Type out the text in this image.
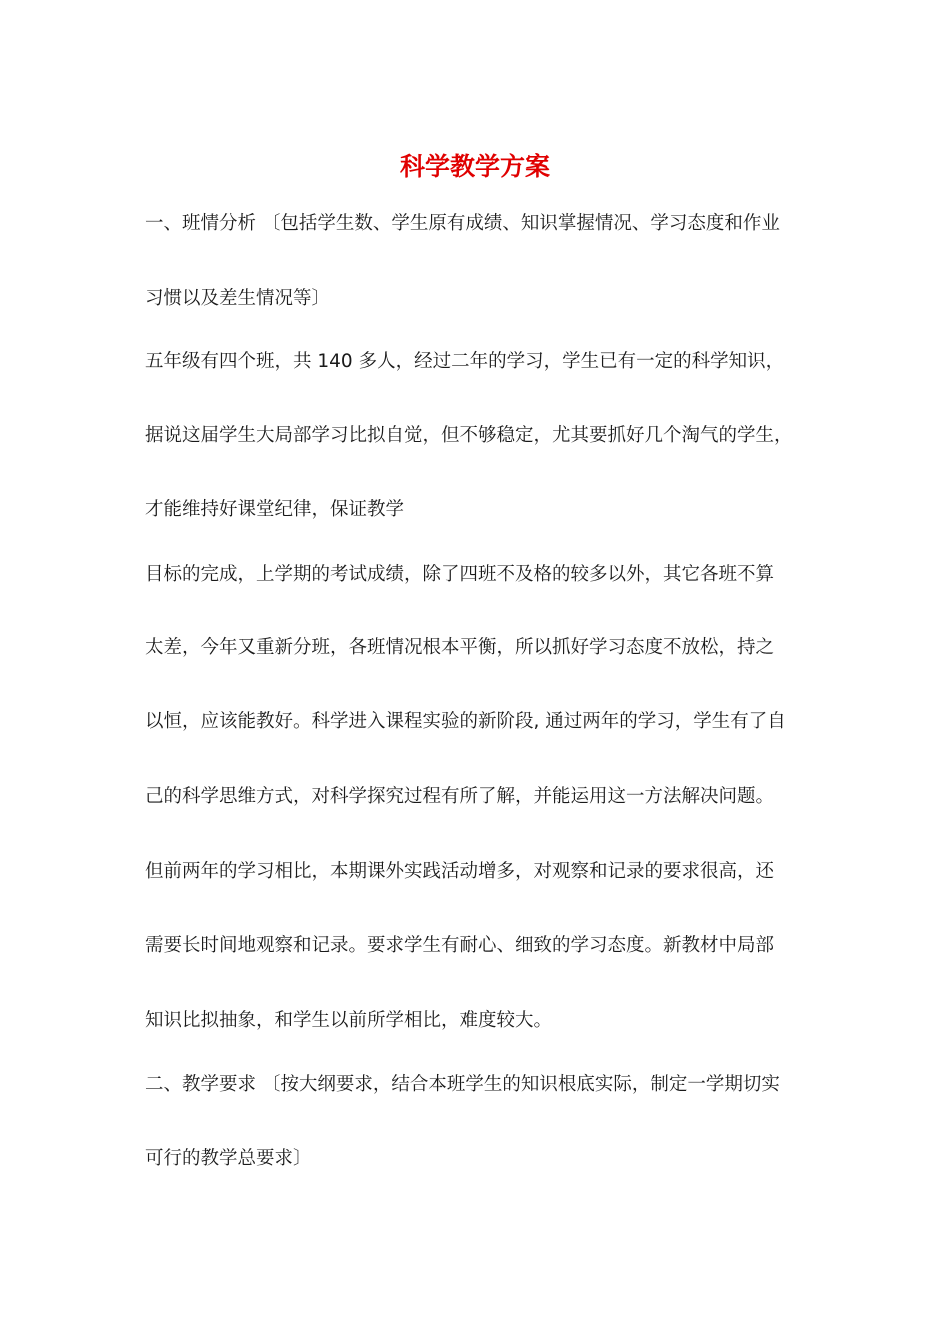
科学教学方案
一、班情分析 〔包括学生数、学生原有成绩、知识掌握情况、学习态度和作业
习惯以及差生情况等〕
五年级有四个班，共 140 多人，经过二年的学习，学生已有一定的科学知识，
据说这届学生大局部学习比拟自觉，但不够稳定，尤其要抓好几个淘气的学生，
才能维持好课堂纪律，保证教学
目标的完成，上学期的考试成绩，除了四班不及格的较多以外，其它各班不算
太差，今年又重新分班，各班情况根本平衡，所以抓好学习态度不放松，持之
以恒，应该能教好。科学进入课程实验的新阶段, 通过两年的学习，学生有了自
己的科学思维方式，对科学探究过程有所了解，并能运用这一方法解决问题。
但前两年的学习相比，本期课外实践活动增多，对观察和记录的要求很高，还
需要长时间地观察和记录。要求学生有耐心、细致的学习态度。新教材中局部
知识比拟抽象，和学生以前所学相比，难度较大。
二、教学要求 〔按大纲要求，结合本班学生的知识根底实际，制定一学期切实
可行的教学总要求〕
